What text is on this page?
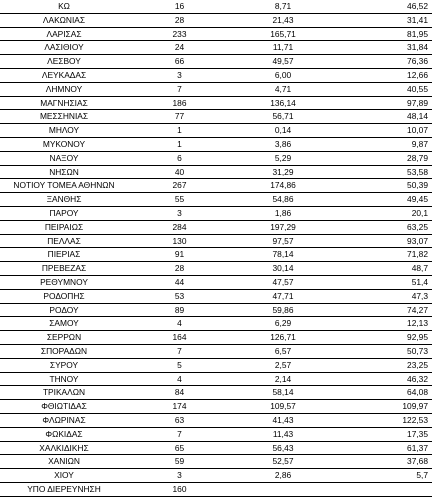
ΚΩ	16	8,71	46,52
ΛΑΚΩΝΙΑΣ	28	21,43	31,41
ΛΑΡΙΣΑΣ	233	165,71	81,95
ΛΑΣΙΘΙΟΥ	24	11,71	31,84
ΛΕΣΒΟΥ	66	49,57	76,36
ΛΕΥΚΑΔΑΣ	3	6,00	12,66
ΛΗΜΝΟΥ	7	4,71	40,55
ΜΑΓΝΗΣΙΑΣ	186	136,14	97,89
ΜΕΣΣΗΝΙΑΣ	77	56,71	48,14
ΜΗΛΟΥ	1	0,14	10,07
ΜΥΚΟΝΟΥ	1	3,86	9,87
ΝΑΞΟΥ	6	5,29	28,79
ΝΗΣΩΝ	40	31,29	53,58
ΝΟΤΙΟΥ ΤΟΜΕΑ ΑΘΗΝΩΝ	267	174,86	50,39
ΞΑΝΘΗΣ	55	54,86	49,45
ΠΑΡΟΥ	3	1,86	20,1
ΠΕΙΡΑΙΩΣ	284	197,29	63,25
ΠΕΛΛΑΣ	130	97,57	93,07
ΠΙΕΡΙΑΣ	91	78,14	71,82
ΠΡΕΒΕΖΑΣ	28	30,14	48,7
ΡΕΘΥΜΝΟΥ	44	47,57	51,4
ΡΟΔΟΠΗΣ	53	47,71	47,3
ΡΟΔΟΥ	89	59,86	74,27
ΣΑΜΟΥ	4	6,29	12,13
ΣΕΡΡΩΝ	164	126,71	92,95
ΣΠΟΡΑΔΩΝ	7	6,57	50,73
ΣΥΡΟΥ	5	2,57	23,25
ΤΗΝΟΥ	4	2,14	46,32
ΤΡΙΚΑΛΩΝ	84	58,14	64,08
ΦΘΙΩΤΙΔΑΣ	174	109,57	109,97
ΦΛΩΡΙΝΑΣ	63	41,43	122,53
ΦΩΚΙΔΑΣ	7	11,43	17,35
ΧΑΛΚΙΔΙΚΗΣ	65	56,43	61,37
ΧΑΝΙΩΝ	59	52,57	37,68
ΧΙΟΥ	3	2,86	5,7
ΥΠΟ ΔΙΕΡΕΥΝΗΣΗ	160		
